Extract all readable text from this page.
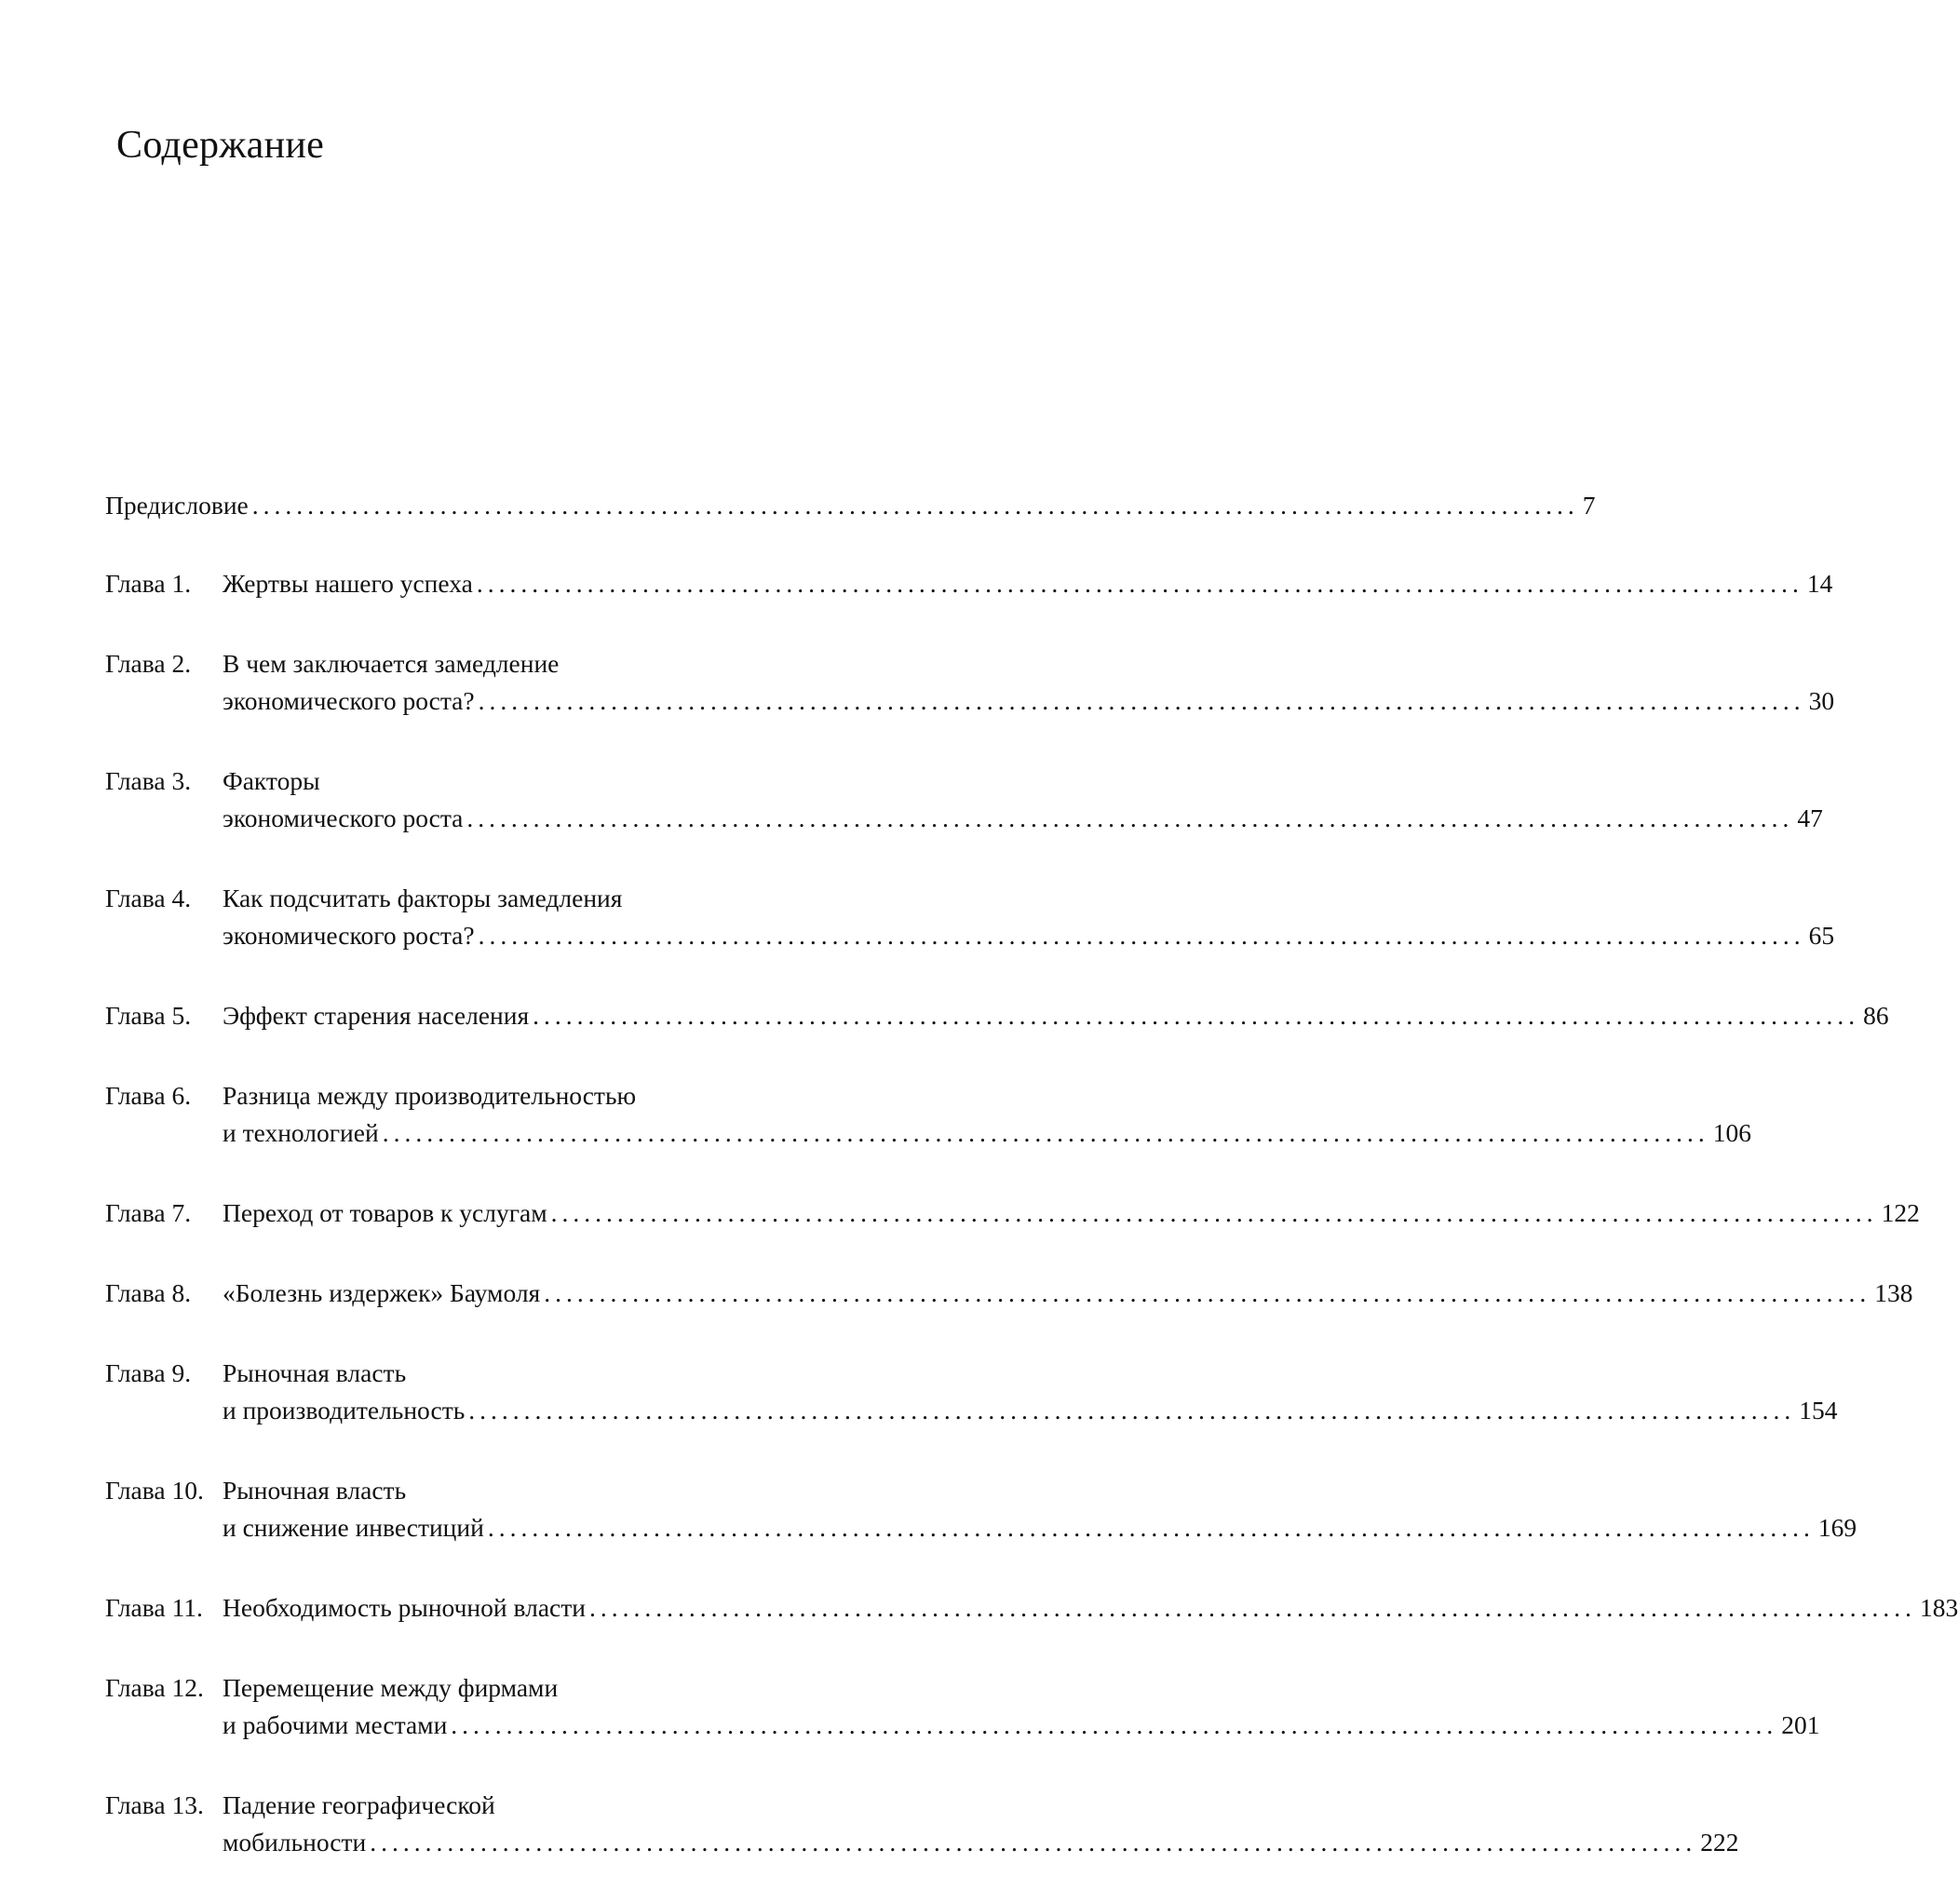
Содержание
Предисловие ........................................................................................................................ 7
Глава 1.	Жертвы нашего успеха ........................................................................................................................ 14
Глава 2.	В чем заключается замедление
экономического роста? ........................................................................................................................ 30
Глава 3.	Факторы
экономического роста ........................................................................................................................ 47
Глава 4.	Как подсчитать факторы замедления
экономического роста? ........................................................................................................................ 65
Глава 5.	Эффект старения населения ........................................................................................................................ 86
Глава 6.	Разница между производительностью
и технологией ........................................................................................................................ 106
Глава 7.	Переход от товаров к услугам ........................................................................................................................ 122
Глава 8.	«Болезнь издержек» Баумоля ........................................................................................................................ 138
Глава 9.	Рыночная власть
и производительность ........................................................................................................................ 154
Глава 10. Рыночная власть
и снижение инвестиций ........................................................................................................................ 169
Глава 11. Необходимость рыночной власти ........................................................................................................................ 183
Глава 12. Перемещение между фирмами
и рабочими местами ........................................................................................................................ 201
Глава 13. Падение географической
мобильности ........................................................................................................................ 222
